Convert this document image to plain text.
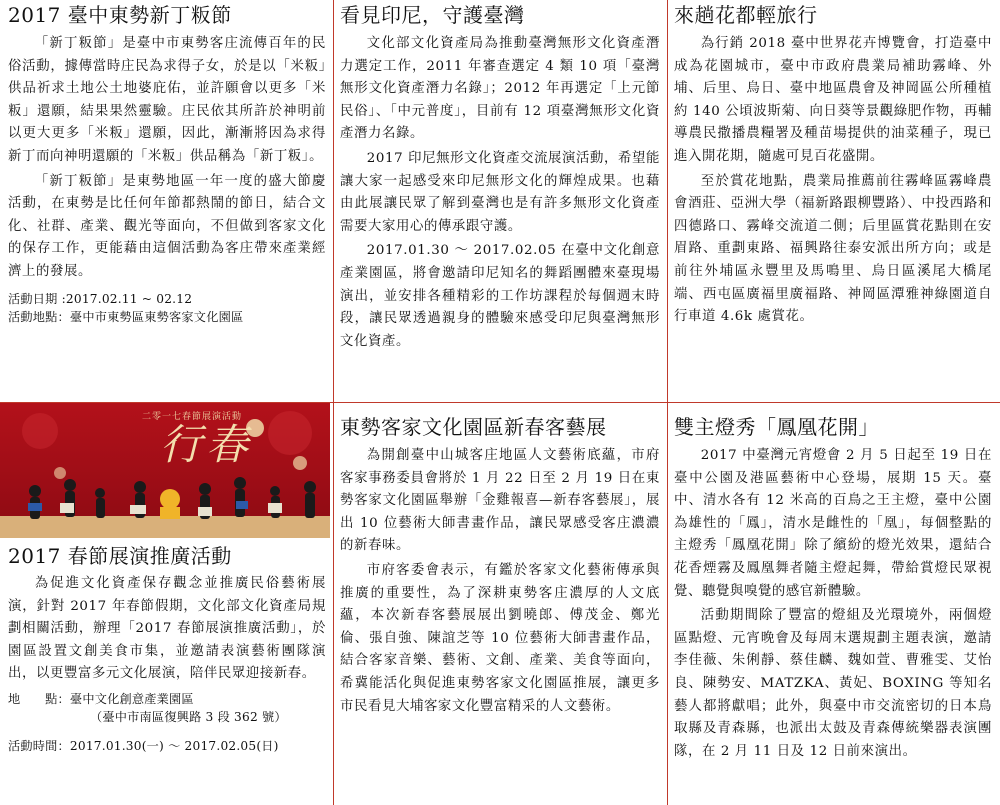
2017 臺中東勢新丁粄節

「新丁粄節」是臺中市東勢客庄流傳百年的民俗活動，據傳當時庄民為求得子女，於是以「米粄」供品祈求土地公土地婆庇佑，並許願會以更多「米粄」還願，結果果然靈驗。庄民依其所許於神明前以更大更多「米粄」還願，因此，漸漸將因為求得新丁而向神明還願的「米粄」供品稱為「新丁粄」。

「新丁粄節」是東勢地區一年一度的盛大節慶活動，在東勢是比任何年節都熱鬧的節日，結合文化、社群、產業、觀光等面向，不但做到客家文化的保存工作，更能藉由這個活動為客庄帶來產業經濟上的發展。

活動日期 :2017.02.11 ~ 02.12

活動地點：臺中市東勢區東勢客家文化園區

看見印尼，守護臺灣

文化部文化資產局為推動臺灣無形文化資產潛力選定工作，2011 年審查選定 4 類 10 項「臺灣無形文化資產潛力名錄」；2012 年再選定「上元節民俗」、「中元普度」，目前有 12 項臺灣無形文化資產潛力名錄。

2017 印尼無形文化資產交流展演活動，希望能讓大家一起感受來印尼無形文化的輝煌成果。也藉由此展讓民眾了解到臺灣也是有許多無形文化資產需要大家用心的傳承跟守護。

2017.01.30 ～ 2017.02.05 在臺中文化創意產業園區，將會邀請印尼知名的舞蹈團體來臺現場演出，並安排各種精彩的工作坊課程於每個週末時段，讓民眾透過親身的體驗來感受印尼與臺灣無形文化資產。

來趟花都輕旅行

為行銷 2018 臺中世界花卉博覽會，打造臺中成為花園城市，臺中市政府農業局補助霧峰、外埔、后里、烏日、臺中地區農會及神岡區公所種植約 140 公頃波斯菊、向日葵等景觀綠肥作物，再輔導農民撒播農糧署及種苗場提供的油菜種子，現已進入開花期，隨處可見百花盛開。

至於賞花地點，農業局推薦前往霧峰區霧峰農會酒莊、亞洲大學（福新路跟柳豐路）、中投西路和四德路口、霧峰交流道二側；后里區賞花點則在安眉路、重劃東路、福興路往泰安派出所方向；或是前往外埔區永豐里及馬鳴里、烏日區溪尾大橋尾端、西屯區廣福里廣福路、神岡區潭雅神綠園道自行車道 4.6k 處賞花。

二零一七春節展演活動
行春
2017 春節展演推廣活動

為促進文化資產保存觀念並推廣民俗藝術展演，針對 2017 年春節假期，文化部文化資產局規劃相關活動，辦理「2017 春節展演推廣活動」，於園區設置文創美食市集，並邀請表演藝術團隊演出，以更豐富多元文化展演，陪伴民眾迎接新春。

地　　點：臺中文化創意產業園區

（臺中市南區復興路 3 段 362 號）

活動時間：2017.01.30(一) ～ 2017.02.05(日)

東勢客家文化園區新春客藝展

為開創臺中山城客庄地區人文藝術底蘊，市府客家事務委員會將於 1 月 22 日至 2 月 19 日在東勢客家文化園區舉辦「金雞報喜—新春客藝展」，展出 10 位藝術大師書畫作品，讓民眾感受客庄濃濃的新春味。

市府客委會表示，有鑑於客家文化藝術傳承與推廣的重要性，為了深耕東勢客庄濃厚的人文底蘊，本次新春客藝展展出劉曉郎、傅茂金、鄭光倫、張自強、陳誼芝等 10 位藝術大師書畫作品，結合客家音樂、藝術、文創、產業、美食等面向，希冀能活化與促進東勢客家文化園區推展，讓更多市民看見大埔客家文化豐富精采的人文藝術。

雙主燈秀「鳳凰花開」

2017 中臺灣元宵燈會 2 月 5 日起至 19 日在臺中公園及港區藝術中心登場，展期 15 天。臺中、清水各有 12 米高的百鳥之王主燈，臺中公園為雄性的「鳳」，清水是雌性的「凰」，每個整點的主燈秀「鳳凰花開」除了繽紛的燈光效果，還結合花香煙霧及鳳凰舞者隨主燈起舞，帶給賞燈民眾視覺、聽覺與嗅覺的感官新體驗。

活動期間除了豐富的燈組及光環境外，兩個燈區點燈、元宵晚會及每周末選規劃主題表演，邀請李佳薇、朱俐靜、蔡佳麟、魏如萱、曹雅雯、艾怡良、陳勢安、MATZKA、黃妃、BOXING 等知名藝人都將獻唱；此外，與臺中市交流密切的日本鳥取縣及青森縣，也派出太鼓及青森傳統樂器表演團隊，在 2 月 11 日及 12 日前來演出。
